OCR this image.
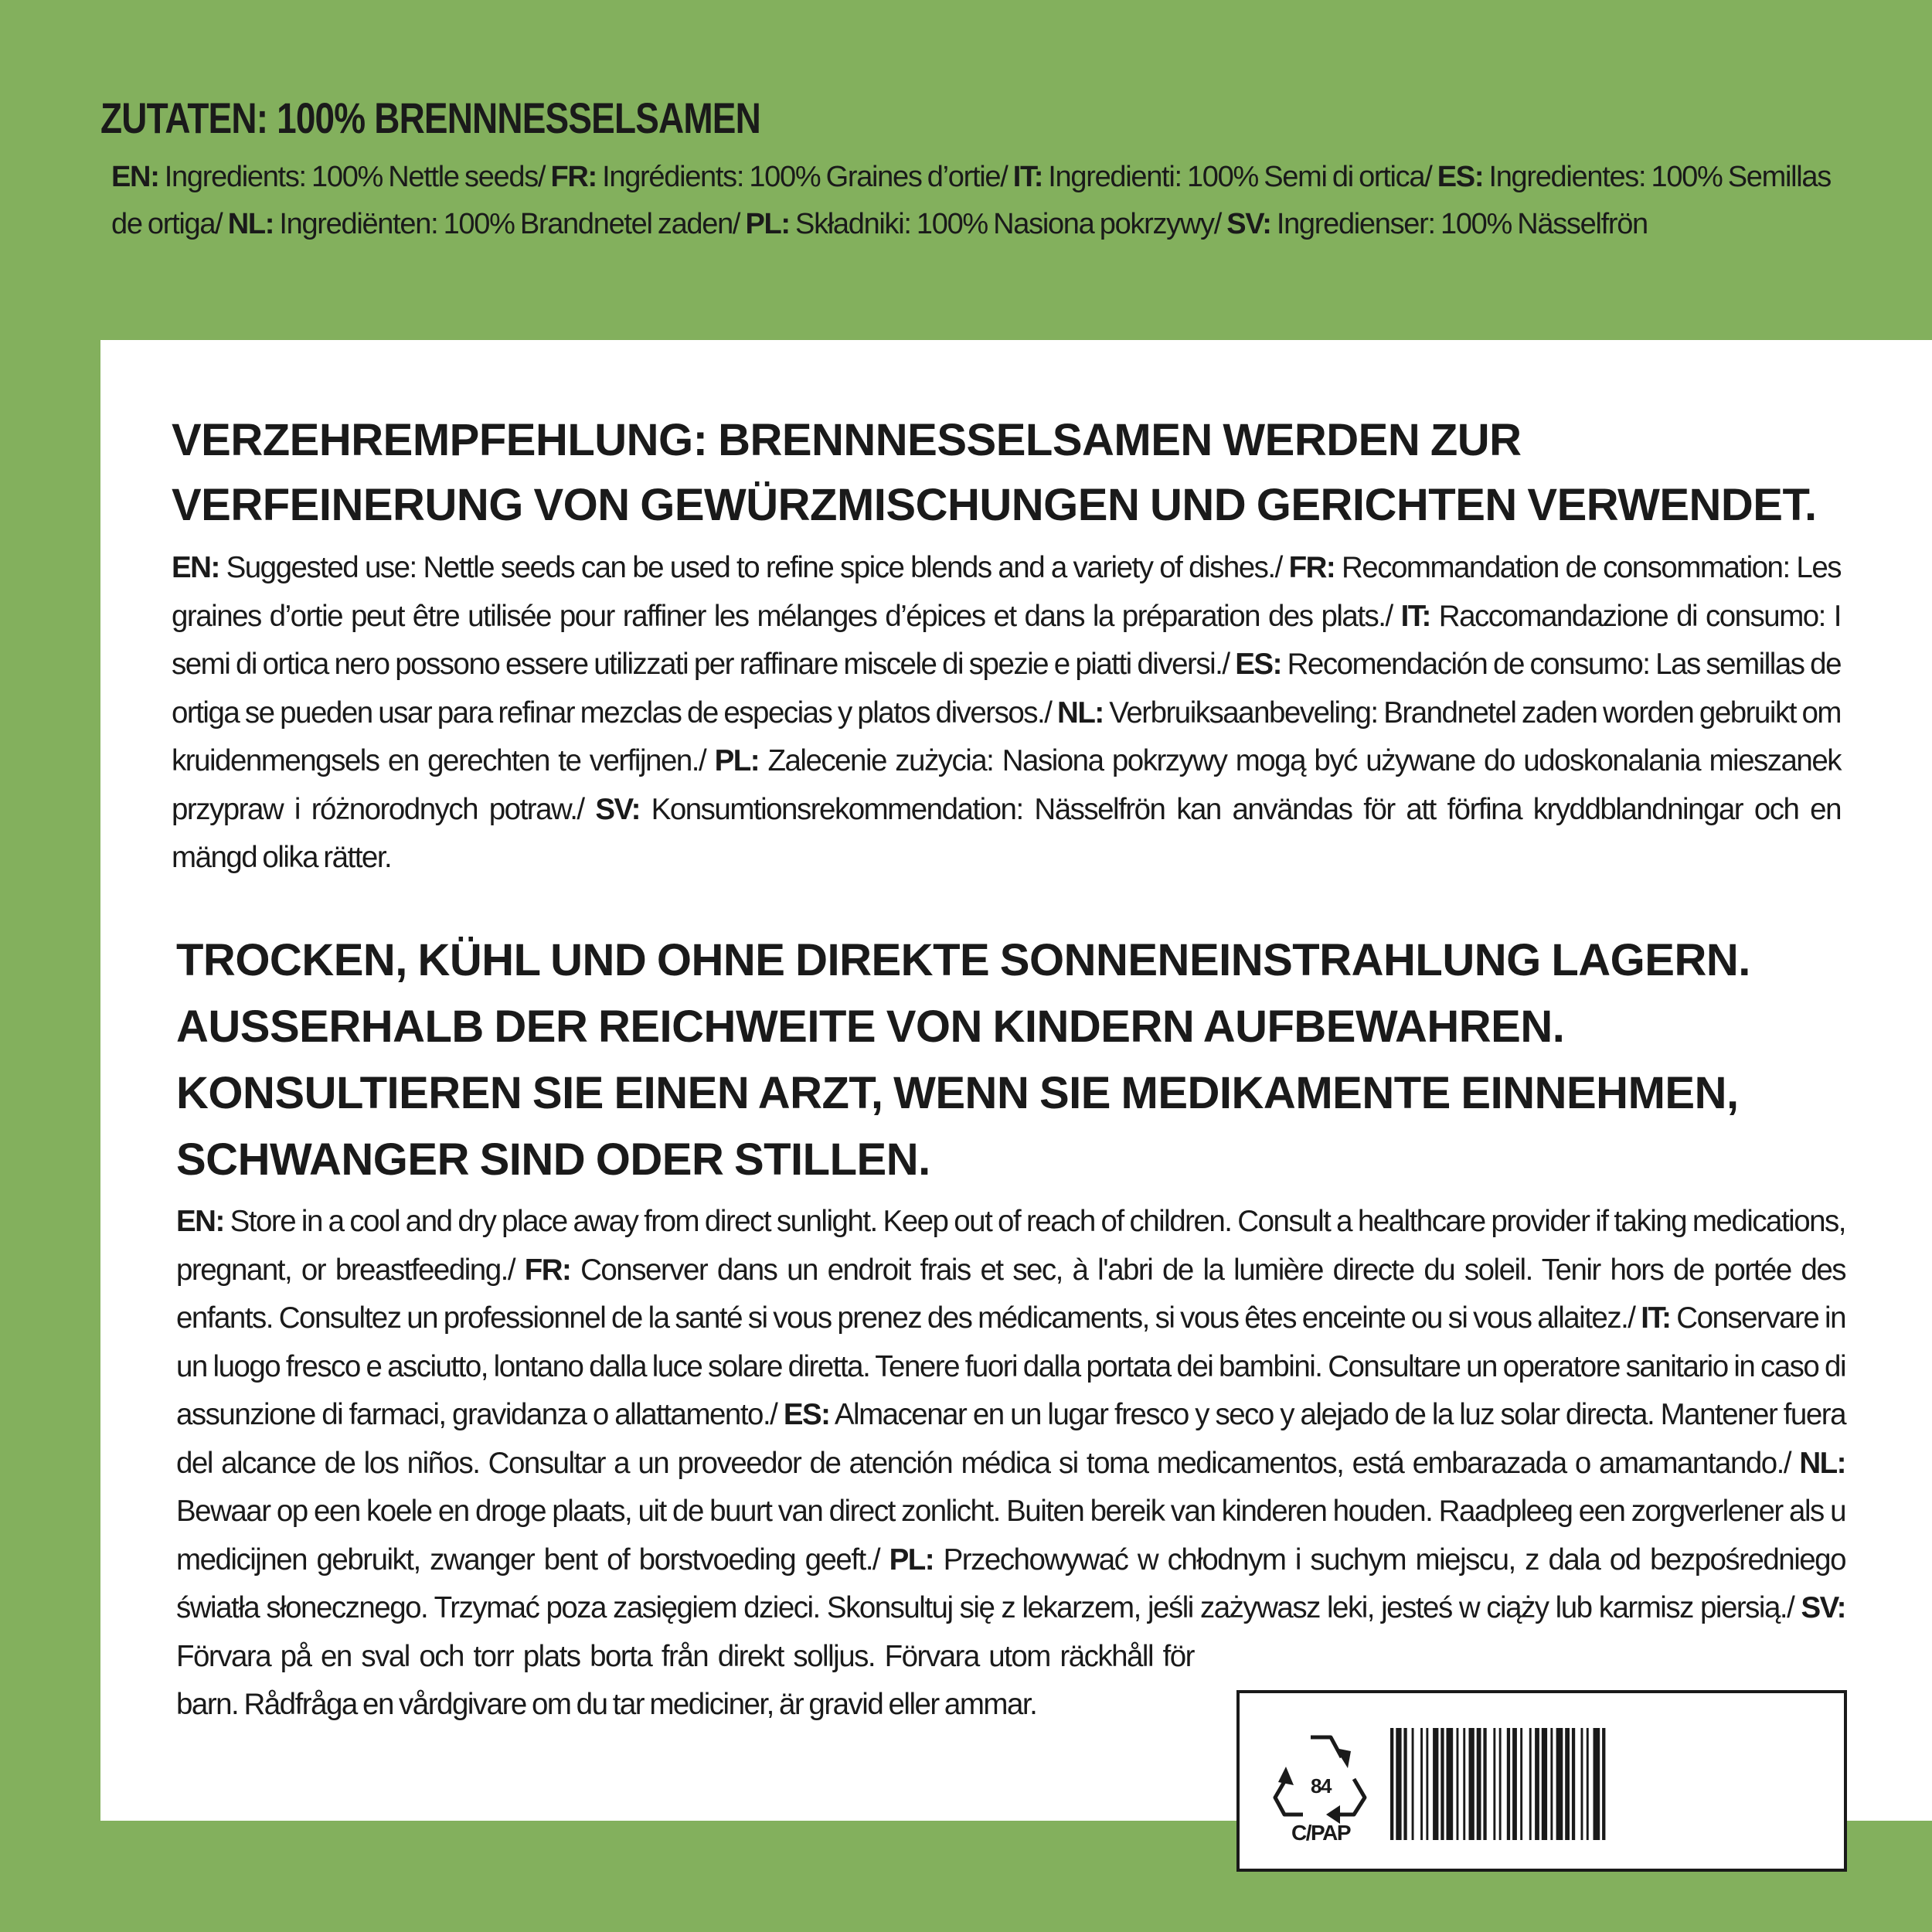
ZUTATEN: 100% BRENNNESSELSAMEN

EN: Ingredients: 100% Nettle seeds/ FR: Ingrédients: 100% Graines d’ortie/ IT: Ingredienti: 100% Semi di ortica/ ES: Ingredientes: 100% Semillas de ortiga/ NL: Ingrediënten: 100% Brandnetel zaden/ PL: Składniki: 100% Nasiona pokrzywy/ SV: Ingredienser: 100% Nässelfrön

VERZEHREMPFEHLUNG: BRENNNESSELSAMEN WERDEN ZUR VERFEINERUNG VON GEWÜRZMISCHUNGEN UND GERICHTEN VERWENDET.

EN: Suggested use: Nettle seeds can be used to refine spice blends and a variety of dishes./ FR: Recommandation de consommation: Les graines d’ortie peut être utilisée pour raffiner les mélanges d’épices et dans la préparation des plats./ IT: Raccomandazione di consumo: I semi di ortica nero possono essere utilizzati per raffinare miscele di spezie e piatti diversi./ ES: Recomendación de consumo: Las semillas de ortiga se pueden usar para refinar mezclas de especias y platos diversos./ NL: Verbruiksaanbeveling: Brandnetel zaden worden gebruikt om kruidenmengsels en gerechten te verfijnen./ PL: Zalecenie zużycia: Nasiona pokrzywy mogą być używane do udoskonalania mieszanek przypraw i różnorodnych potraw./ SV: Konsumtionsrekommendation: Nässelfrön kan användas för att förfina kryddblandningar och en mängd olika rätter.

TROCKEN, KÜHL UND OHNE DIREKTE SONNENEINSTRAHLUNG LAGERN. AUSSERHALB DER REICHWEITE VON KINDERN AUFBEWAHREN. KONSULTIEREN SIE EINEN ARZT, WENN SIE MEDIKAMENTE EINNEHMEN, SCHWANGER SIND ODER STILLEN.

EN: Store in a cool and dry place away from direct sunlight. Keep out of reach of children. Consult a healthcare provider if taking medications, pregnant, or breastfeeding./ FR: Conserver dans un endroit frais et sec, à l'abri de la lumière directe du soleil. Tenir hors de portée des enfants. Consultez un professionnel de la santé si vous prenez des médicaments, si vous êtes enceinte ou si vous allaitez./ IT: Conservare in un luogo fresco e asciutto, lontano dalla luce solare diretta. Tenere fuori dalla portata dei bambini. Consultare un operatore sanitario in caso di assunzione di farmaci, gravidanza o allattamento./ ES: Almacenar en un lugar fresco y seco y alejado de la luz solar directa. Mantener fuera del alcance de los niños. Consultar a un proveedor de atención médica si toma medicamentos, está embarazada o amamantando./ NL: Bewaar op een koele en droge plaats, uit de buurt van direct zonlicht. Buiten bereik van kinderen houden. Raadpleeg een zorgverlener als u medicijnen gebruikt, zwanger bent of borstvoeding geeft./ PL: Przechowywać w chłodnym i suchym miejscu, z dala od bezpośredniego światła słonecznego. Trzymać poza zasięgiem dzieci. Skonsultuj się z lekarzem, jeśli zażywasz leki, jesteś w ciąży lub karmisz piersią./
84
C/PAP
SV: Förvara på en sval och torr plats borta från direkt solljus. Förvara utom räckhåll för barn. Rådfråga en vårdgivare om du tar mediciner, är gravid eller ammar.
